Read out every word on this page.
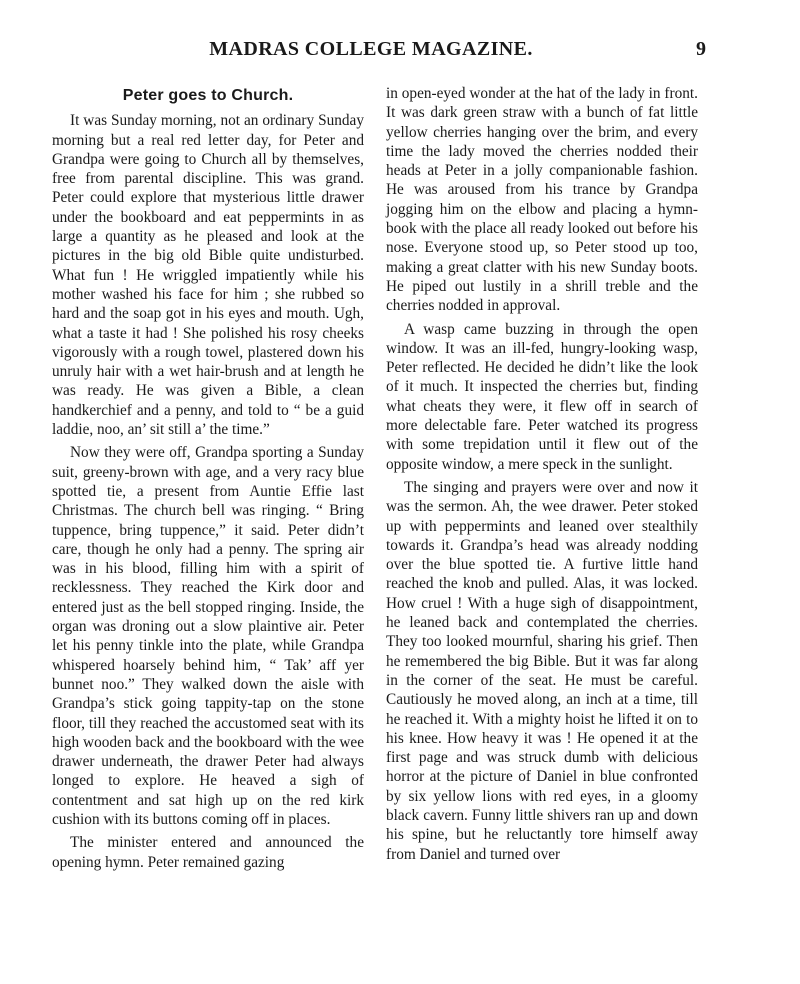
MADRAS COLLEGE MAGAZINE.	9
Peter goes to Church.

It was Sunday morning, not an ordinary Sunday morning but a real red letter day, for Peter and Grandpa were going to Church all by themselves, free from parental discipline. This was grand. Peter could explore that mysterious little drawer under the bookboard and eat peppermints in as large a quantity as he pleased and look at the pictures in the big old Bible quite undisturbed. What fun ! He wriggled impatiently while his mother washed his face for him ; she rubbed so hard and the soap got in his eyes and mouth. Ugh, what a taste it had ! She polished his rosy cheeks vigorously with a rough towel, plastered down his unruly hair with a wet hair-brush and at length he was ready. He was given a Bible, a clean handkerchief and a penny, and told to “ be a guid laddie, noo, an’ sit still a’ the time.”

Now they were off, Grandpa sporting a Sunday suit, greeny-brown with age, and a very racy blue spotted tie, a present from Auntie Effie last Christmas. The church bell was ringing. “ Bring tuppence, bring tuppence,” it said. Peter didn’t care, though he only had a penny. The spring air was in his blood, filling him with a spirit of recklessness. They reached the Kirk door and entered just as the bell stopped ringing. Inside, the organ was droning out a slow plaintive air. Peter let his penny tinkle into the plate, while Grandpa whispered hoarsely behind him, “ Tak’ aff yer bunnet noo.” They walked down the aisle with Grandpa’s stick going tappity-tap on the stone floor, till they reached the accustomed seat with its high wooden back and the bookboard with the wee drawer underneath, the drawer Peter had always longed to explore. He heaved a sigh of contentment and sat high up on the red kirk cushion with its buttons coming off in places.

The minister entered and announced the opening hymn. Peter remained gazing

in open-eyed wonder at the hat of the lady in front. It was dark green straw with a bunch of fat little yellow cherries hanging over the brim, and every time the lady moved the cherries nodded their heads at Peter in a jolly companionable fashion. He was aroused from his trance by Grandpa jogging him on the elbow and placing a hymn-book with the place all ready looked out before his nose. Everyone stood up, so Peter stood up too, making a great clatter with his new Sunday boots. He piped out lustily in a shrill treble and the cherries nodded in approval.

A wasp came buzzing in through the open window. It was an ill-fed, hungry-looking wasp, Peter reflected. He decided he didn’t like the look of it much. It inspected the cherries but, finding what cheats they were, it flew off in search of more delectable fare. Peter watched its progress with some trepidation until it flew out of the opposite window, a mere speck in the sunlight.

The singing and prayers were over and now it was the sermon. Ah, the wee drawer. Peter stoked up with peppermints and leaned over stealthily towards it. Grandpa’s head was already nodding over the blue spotted tie. A furtive little hand reached the knob and pulled. Alas, it was locked. How cruel ! With a huge sigh of disappointment, he leaned back and contemplated the cherries. They too looked mournful, sharing his grief. Then he remembered the big Bible. But it was far along in the corner of the seat. He must be careful. Cautiously he moved along, an inch at a time, till he reached it. With a mighty hoist he lifted it on to his knee. How heavy it was ! He opened it at the first page and was struck dumb with delicious horror at the picture of Daniel in blue confronted by six yellow lions with red eyes, in a gloomy black cavern. Funny little shivers ran up and down his spine, but he reluctantly tore himself away from Daniel and turned over
